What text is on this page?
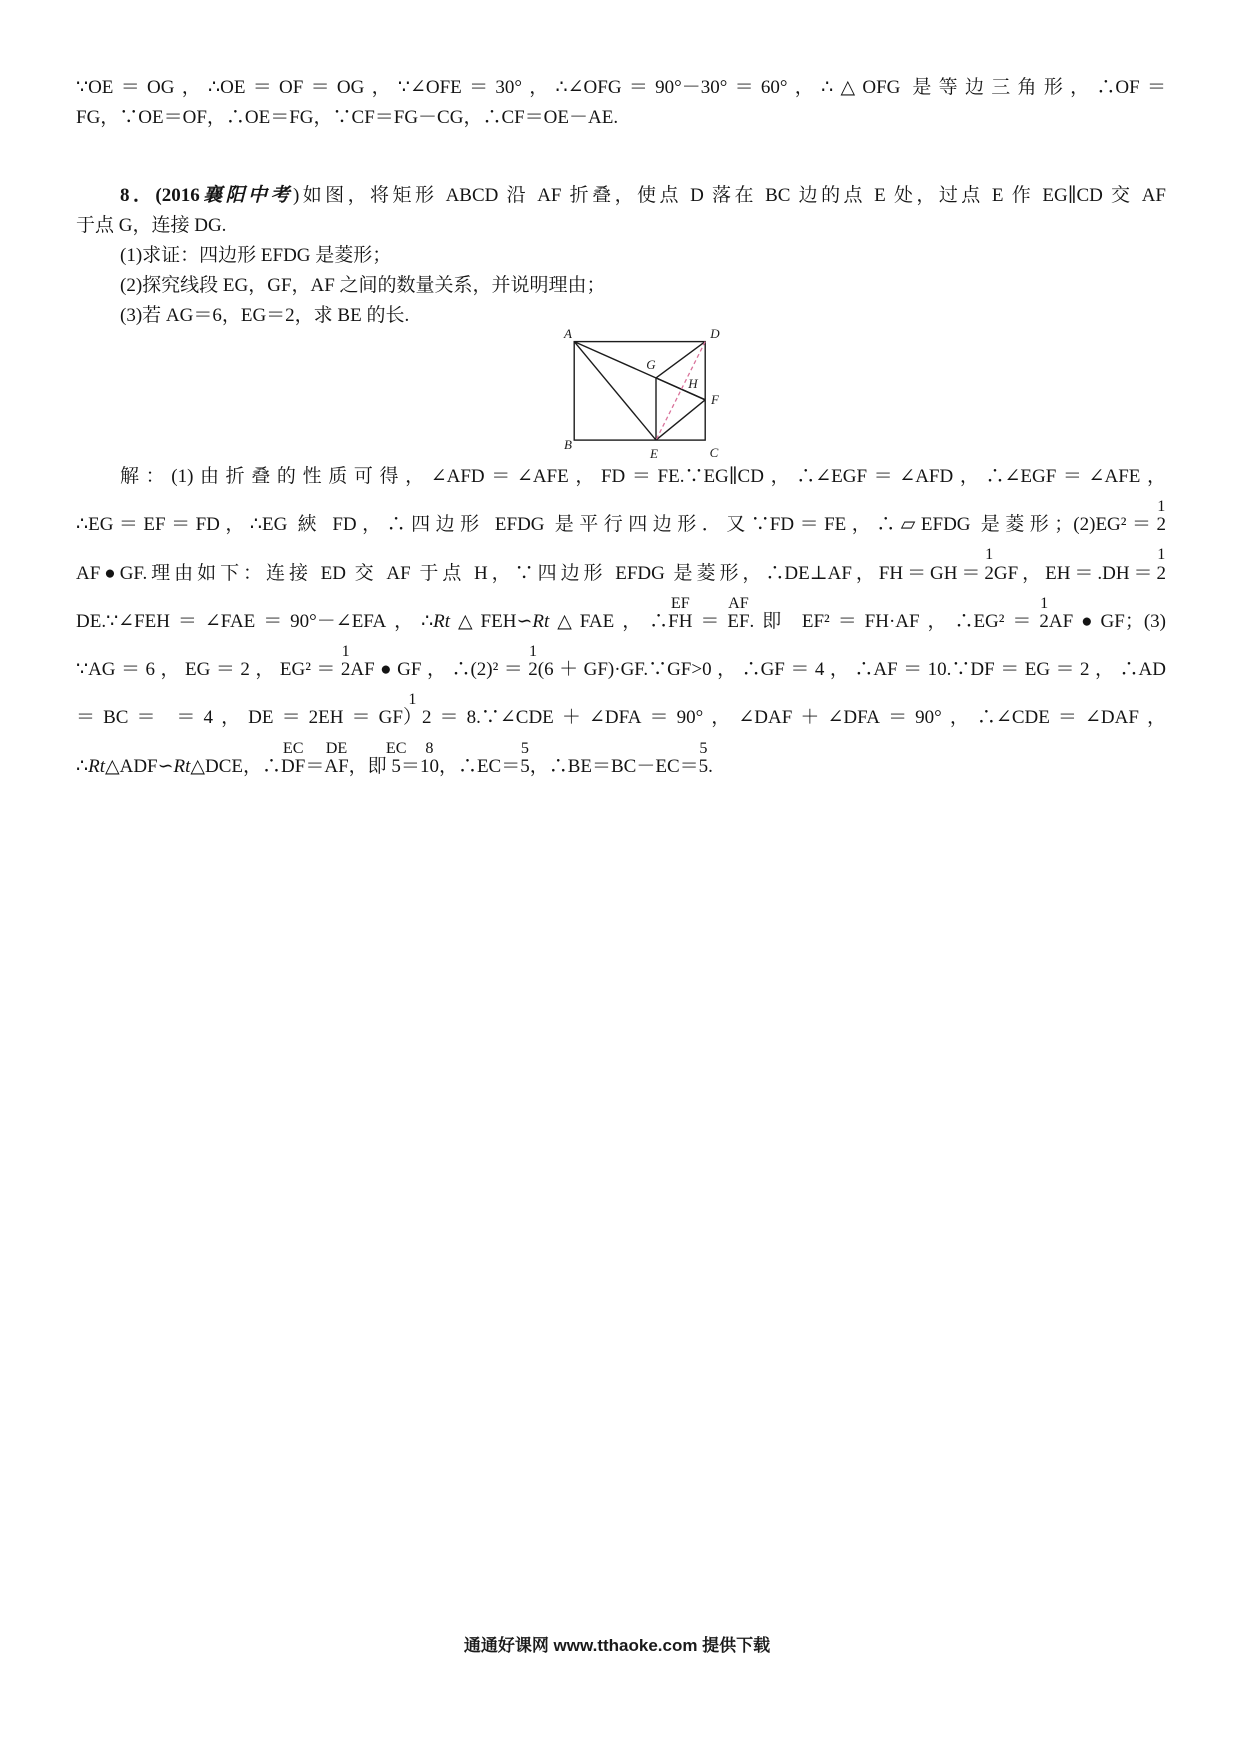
∵OE＝OG，∴OE＝OF＝OG，∵∠OFE＝30°，∴∠OFG＝90°－30°＝60°，∴△OFG 是等边三角形，∴OF＝
FG，∵OE＝OF，∴OE＝FG，∵CF＝FG－CG，∴CF＝OE－AE.
8．(2016襄阳中考)如图，将矩形 ABCD 沿 AF 折叠，使点 D 落在 BC 边的点 E 处，过点 E 作 EG∥CD 交 AF
于点 G，连接 DG.
(1)求证：四边形 EFDG 是菱形；
(2)探究线段 EG，GF，AF 之间的数量关系，并说明理由；
(3)若 AG＝6，EG＝2，求 BE 的长.
A	D
B
C
E
F
G
H
解：(1)由折叠的性质可得，∠AFD＝∠AFE，FD＝FE.∵EG∥CD，∴∠EGF＝∠AFD，∴∠EGF＝∠AFE，
∴EG＝EF＝FD，∴EG 綊 FD，∴四边形 EFDG 是平行四边形．又∵FD＝FE，∴▱EFDG 是菱形；(2)EG²＝2
1
AF●GF.理由如下：连接 ED 交 AF 于点 H，∵四边形 EFDG 是菱形，∴DE⊥AF，FH＝GH＝2
1
GF，EH＝.DH＝2
1
DE.∵∠FEH＝∠FAE＝90°－∠EFA，∴Rt△FEH∽Rt△FAE，∴FH
EF
＝EF
AF
.即 EF²＝FH·AF，∴EG²＝2
1
AF●GF；(3)
∵AG＝6，EG＝2，EG²＝2
1
AF●GF，∴(2)²＝2
1
(6＋GF)·GF.∵GF>0，∴GF＝4，∴AF＝10.∵DF＝EG＝2，∴AD
＝BC＝ ＝4，DE＝2EH＝GF）
1
2＝8.∵∠CDE＋∠DFA＝90°，∠DAF＋∠DFA＝90°，∴∠CDE＝∠DAF，
∴Rt△ADF∽Rt△DCE，∴DF
EC
＝AF
DE
，即 5
EC
＝10
8
，∴EC＝5
5
，∴BE＝BC－EC＝5
5
.
通通好课网 www.tthaoke.com 提供下载
